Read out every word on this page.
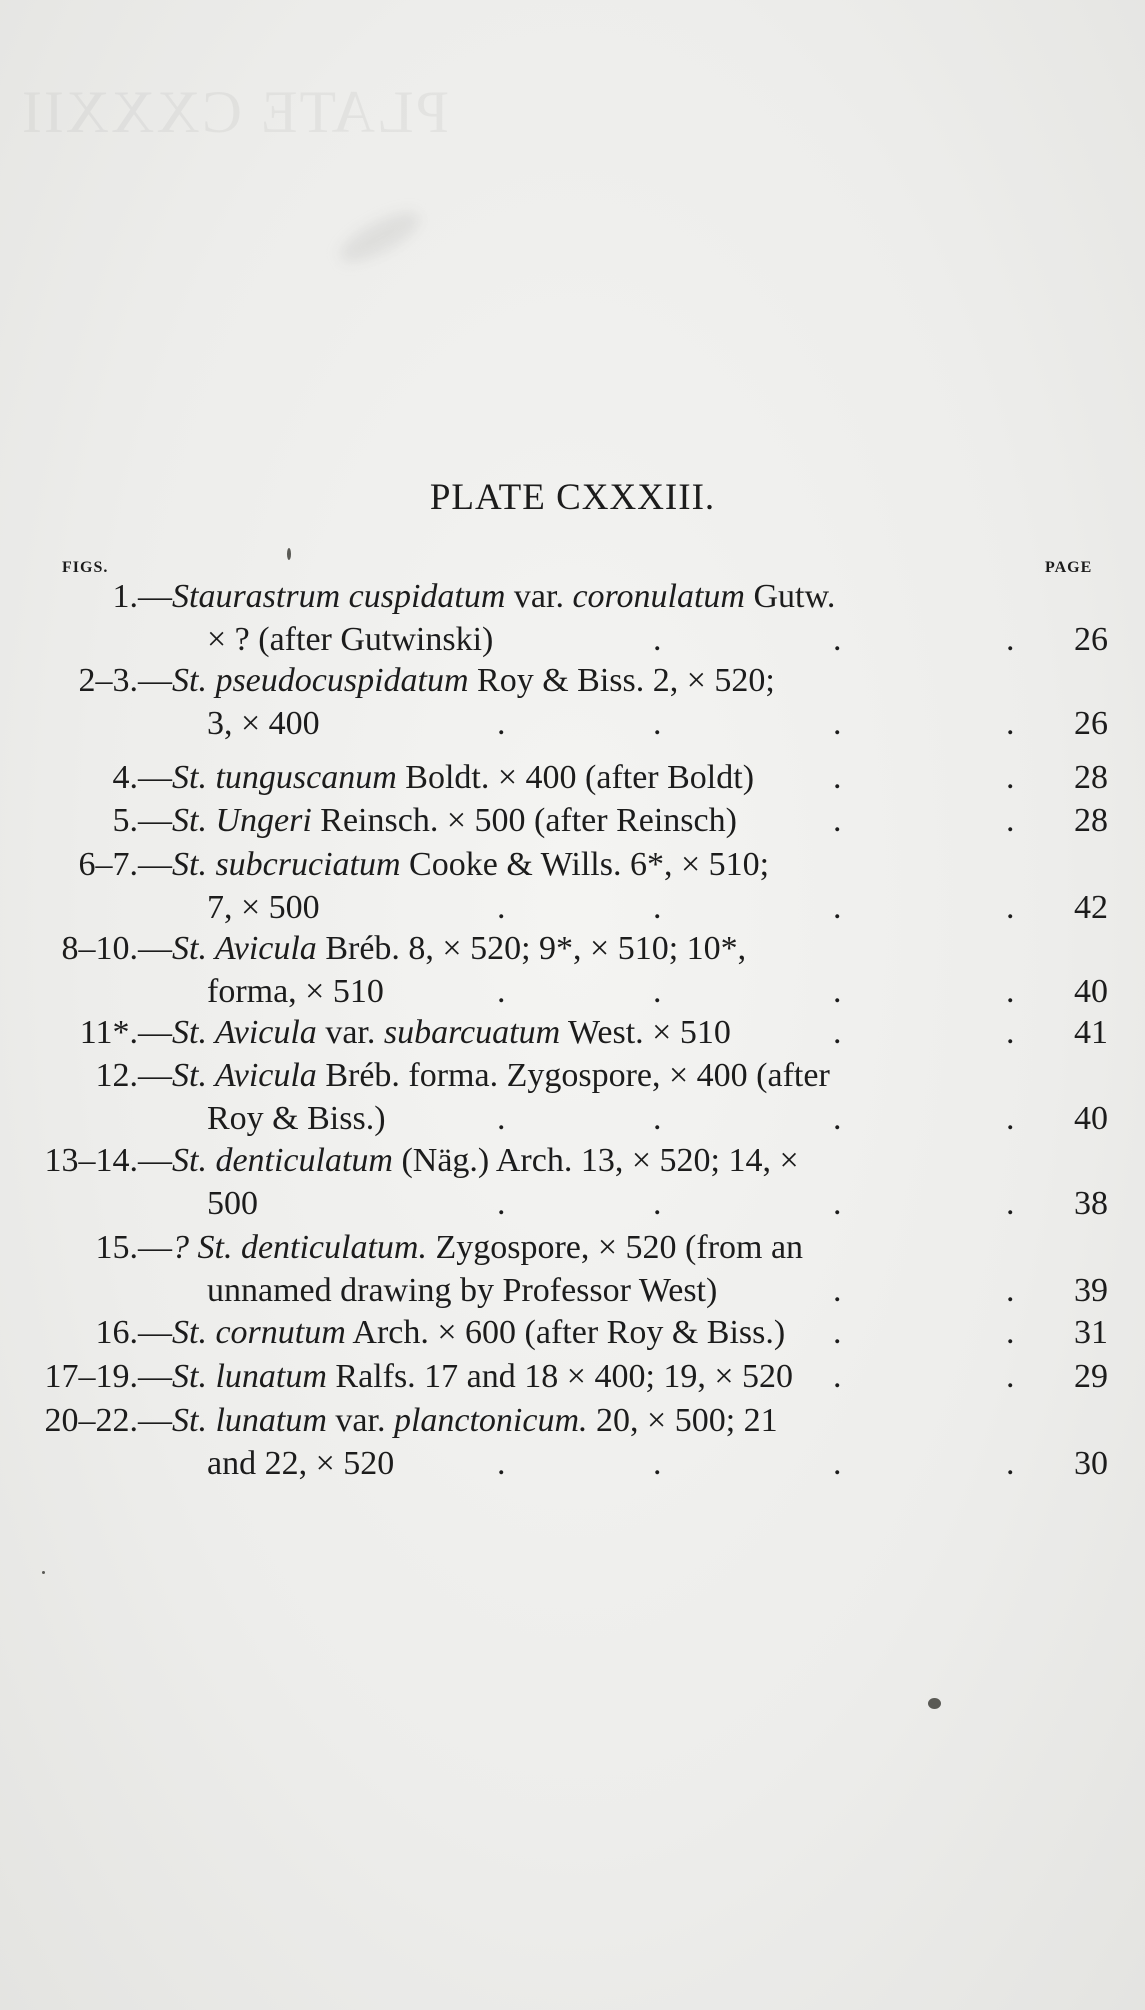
PLATE CXXXIII.
FIGS.	PAGE
1.— Staurastrum cuspidatum var. coronulatum Gutw.
× ? (after Gutwinski)	.	.	. 26
2–3.— St. pseudocuspidatum Roy & Biss. 2, × 520;
3, × 400	.	.	.	. 26
4.— St. tunguscanum Boldt. × 400 (after Boldt) .	. 28
5.— St. Ungeri Reinsch. × 500 (after Reinsch)	.	. 28
6–7.— St. subcruciatum Cooke & Wills. 6*, × 510;
7, × 500	.	.	.	. 42
8–10.— St. Avicula Bréb. 8, × 520; 9*, × 510; 10*,
forma, × 510	.	.	.	. 40
11*.— St. Avicula var. subarcuatum West. × 510	.	. 41
12.— St. Avicula Bréb. forma. Zygospore, × 400 (after
Roy & Biss.)	.	.	.	. 40
13–14.— St. denticulatum (Näg.) Arch. 13, × 520; 14, ×
500	.	.	.	. 38
15.— ? St. denticulatum. Zygospore, × 520 (from an
unnamed drawing by Professor West)	.	. 39
16.— St. cornutum Arch. × 600 (after Roy & Biss.) .	. 31
17–19.— St. lunatum Ralfs. 17 and 18 × 400; 19, × 520 .	. 29
20–22.— St. lunatum var. planctonicum. 20, × 500; 21
and 22, × 520	.	.	.	. 30
